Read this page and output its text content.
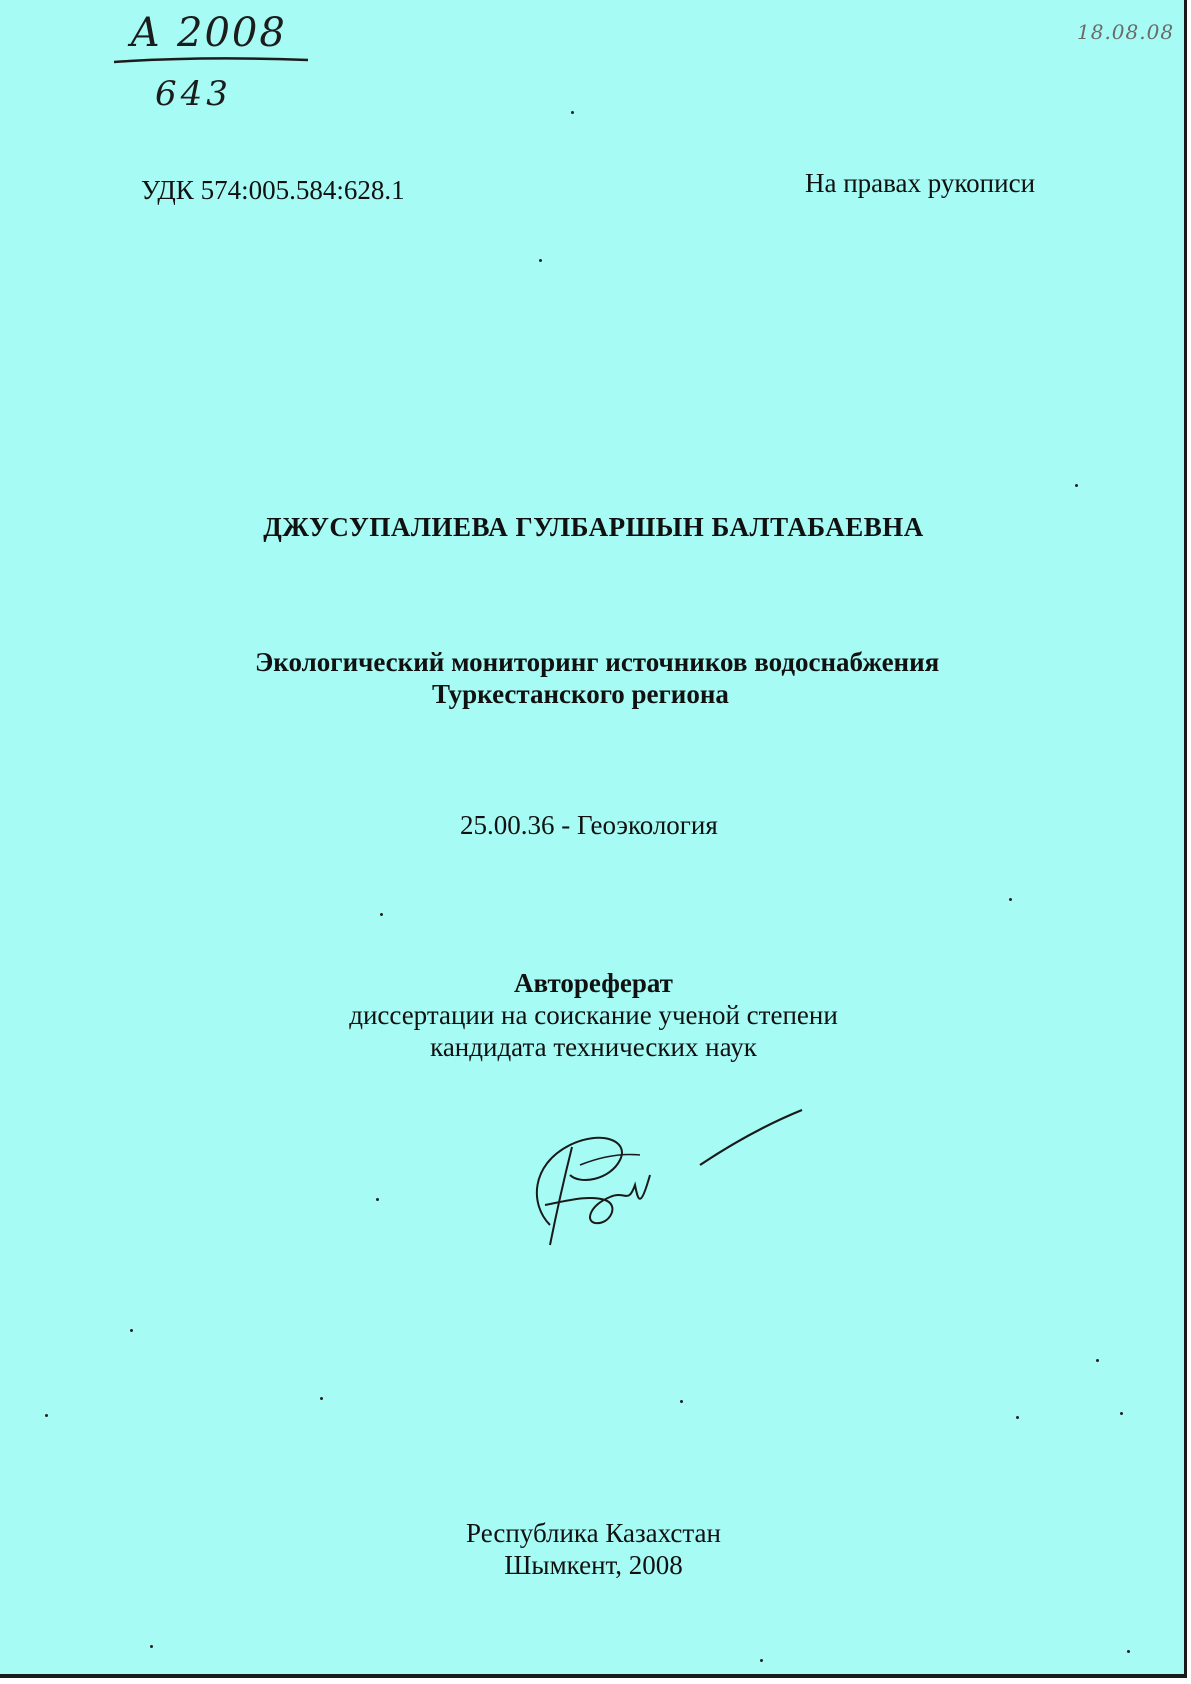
А 2008
643
18.08.08
УДК 574:005.584:628.1	На правах рукописи
ДЖУСУПАЛИЕВА ГУЛБАРШЫН БАЛТАБАЕВНА
Экологический мониторинг источников водоснабжения
Туркестанского региона
25.00.36 - Геоэкология
Автореферат
диссертации на соискание ученой степени
кандидата технических наук
Республика Казахстан
Шымкент, 2008
